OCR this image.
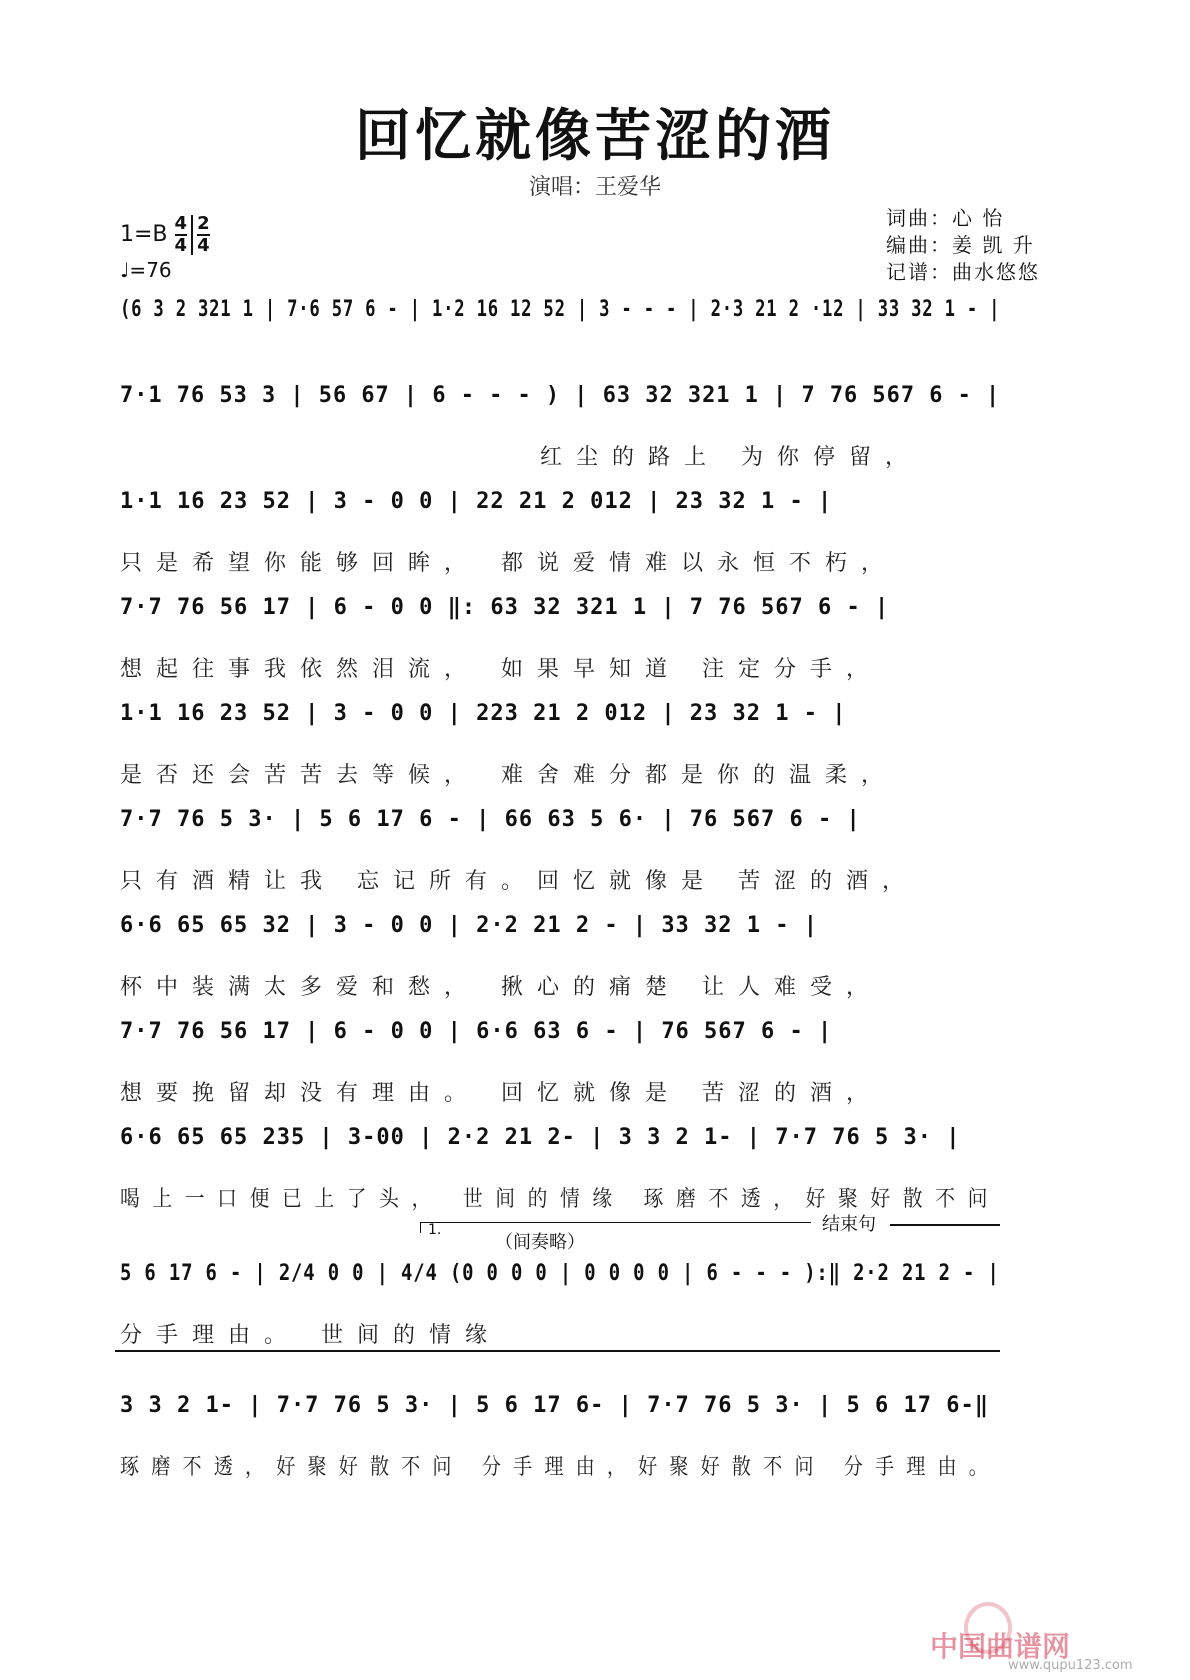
回忆就像苦涩的酒
演唱：王爱华
$1=B \frac{4}{4} \frac{2}{4}$
♩=76
词曲：心 怡
编曲：姜 凯 升
记谱：曲水悠悠
(6 3 2 321 1 | 7·6 57 6 - | 1·2 16 12 52 | 3 - - - | 2·3 21 2 ·12 | 33 32 1 - |
7·1 76 53 3 | 56 67 | 6 - - - ) | 63 32 321 1 | 7 76 567 6 - |
红尘的路上 为你停留，
1·1 16 23 52 | 3 - 0 0 | 22 21 2 012 | 23 32 1 - |
只是希望你能够回眸， 都说爱情难以永恒不朽，
7·7 76 56 17 | 6 - 0 0 ‖: 63 32 321 1 | 7 76 567 6 - |
想起往事我依然泪流， 如果早知道 注定分手，
1·1 16 23 52 | 3 - 0 0 | 223 21 2 012 | 23 32 1 - |
是否还会苦苦去等候， 难舍难分都是你的温柔，
7·7 76 5 3· | 5 6 17 6 - | 66 63 5 6· | 76 567 6 - |
只有酒精让我 忘记所有。回忆就像是 苦涩的酒，
6·6 65 65 32 | 3 - 0 0 | 2·2 21 2 - | 33 32 1 - |
杯中装满太多爱和愁， 揪心的痛楚 让人难受，
7·7 76 56 17 | 6 - 0 0 | 6·6 63 6 - | 76 567 6 - |
想要挽留却没有理由。 回忆就像是 苦涩的酒，
6·6 65 65 235 | 3-00 | 2·2 21 2- | 3 3 2 1- | 7·7 76 5 3· |
喝上一口便已上了头， 世间的情缘 琢磨不透，好聚好散不问
1.
（间奏略）
结束句
5 6 17 6 - | 2/4 0 0 | 4/4 (0 0 0 0 | 0 0 0 0 | 6 - - - ):‖ 2·2 21 2 - |
分手理由。 世间的情缘
3 3 2 1- | 7·7 76 5 3· | 5 6 17 6- | 7·7 76 5 3· | 5 6 17 6-‖
琢磨不透，好聚好散不问 分手理由，好聚好散不问 分手理由。
中国曲谱网
www.qupu123.com
